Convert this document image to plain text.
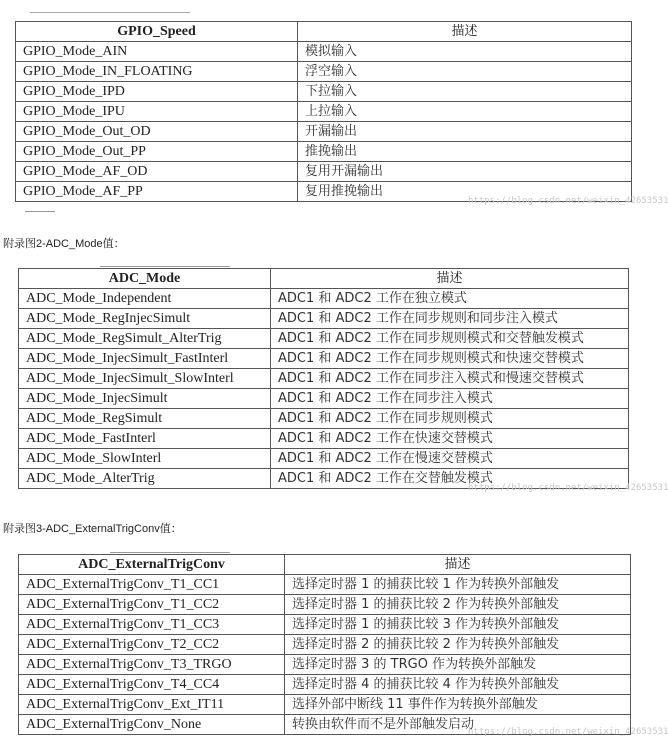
GPIO_Speed	描述
GPIO_Mode_AIN	模拟输入
GPIO_Mode_IN_FLOATING	浮空输入
GPIO_Mode_IPD	下拉输入
GPIO_Mode_IPU	上拉输入
GPIO_Mode_Out_OD	开漏输出
GPIO_Mode_Out_PP	推挽输出
GPIO_Mode_AF_OD	复用开漏输出
GPIO_Mode_AF_PP	复用推挽输出
https://blog.csdn.net/weixin_42653531
附录图2-ADC_Mode值：
ADC_Mode	描述
ADC_Mode_Independent	ADC1 和 ADC2 工作在独立模式
ADC_Mode_RegInjecSimult	ADC1 和 ADC2 工作在同步规则和同步注入模式
ADC_Mode_RegSimult_AlterTrig	ADC1 和 ADC2 工作在同步规则模式和交替触发模式
ADC_Mode_InjecSimult_FastInterl	ADC1 和 ADC2 工作在同步规则模式和快速交替模式
ADC_Mode_InjecSimult_SlowInterl	ADC1 和 ADC2 工作在同步注入模式和慢速交替模式
ADC_Mode_InjecSimult	ADC1 和 ADC2 工作在同步注入模式
ADC_Mode_RegSimult	ADC1 和 ADC2 工作在同步规则模式
ADC_Mode_FastInterl	ADC1 和 ADC2 工作在快速交替模式
ADC_Mode_SlowInterl	ADC1 和 ADC2 工作在慢速交替模式
ADC_Mode_AlterTrig	ADC1 和 ADC2 工作在交替触发模式
https://blog.csdn.net/weixin_42653531
附录图3-ADC_ExternalTrigConv值：
ADC_ExternalTrigConv	描述
ADC_ExternalTrigConv_T1_CC1	选择定时器 1 的捕获比较 1 作为转换外部触发
ADC_ExternalTrigConv_T1_CC2	选择定时器 1 的捕获比较 2 作为转换外部触发
ADC_ExternalTrigConv_T1_CC3	选择定时器 1 的捕获比较 3 作为转换外部触发
ADC_ExternalTrigConv_T2_CC2	选择定时器 2 的捕获比较 2 作为转换外部触发
ADC_ExternalTrigConv_T3_TRGO	选择定时器 3 的 TRGO 作为转换外部触发
ADC_ExternalTrigConv_T4_CC4	选择定时器 4 的捕获比较 4 作为转换外部触发
ADC_ExternalTrigConv_Ext_IT11	选择外部中断线 11 事件作为转换外部触发
ADC_ExternalTrigConv_None	转换由软件而不是外部触发启动
https://blog.csdn.net/weixin_42653531
